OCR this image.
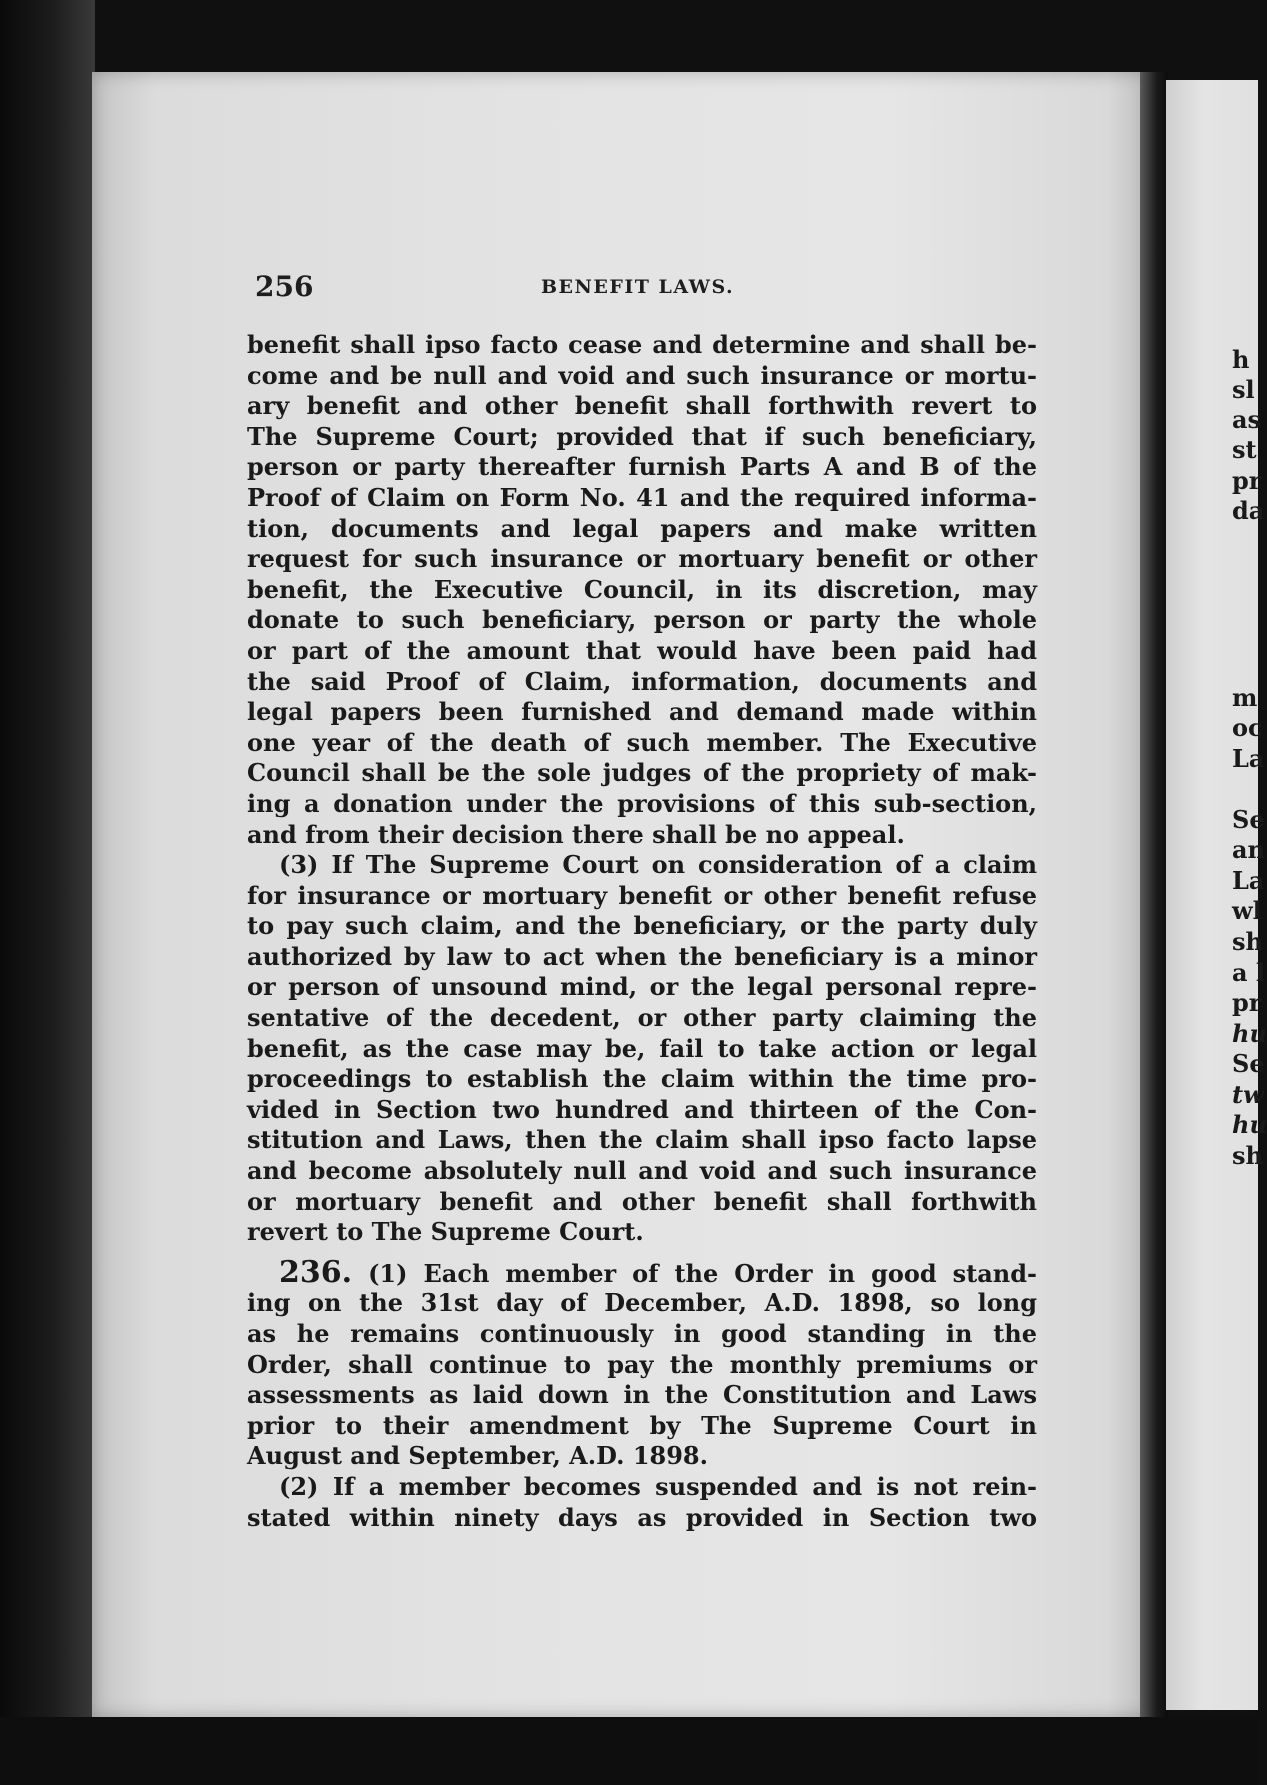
256	BENEFIT LAWS.
benefit shall ipso facto cease and determine and shall be-
come and be null and void and such insurance or mortu-
ary benefit and other benefit shall forthwith revert to
The Supreme Court; provided that if such beneficiary,
person or party thereafter furnish Parts A and B of the
Proof of Claim on Form No. 41 and the required informa-
tion, documents and legal papers and make written
request for such insurance or mortuary benefit or other
benefit, the Executive Council, in its discretion, may
donate to such beneficiary, person or party the whole
or part of the amount that would have been paid had
the said Proof of Claim, information, documents and
legal papers been furnished and demand made within
one year of the death of such member. The Executive
Council shall be the sole judges of the propriety of mak-
ing a donation under the provisions of this sub-section,
and from their decision there shall be no appeal.
(3) If The Supreme Court on consideration of a claim
for insurance or mortuary benefit or other benefit refuse
to pay such claim, and the beneficiary, or the party duly
authorized by law to act when the beneficiary is a minor
or person of unsound mind, or the legal personal repre-
sentative of the decedent, or other party claiming the
benefit, as the case may be, fail to take action or legal
proceedings to establish the claim within the time pro-
vided in Section two hundred and thirteen of the Con-
stitution and Laws, then the claim shall ipso facto lapse
and become absolutely null and void and such insurance
or mortuary benefit and other benefit shall forthwith
revert to The Supreme Court.
236. (1) Each member of the Order in good stand-
ing on the 31st day of December, A.D. 1898, so long
as he remains continuously in good standing in the
Order, shall continue to pay the monthly premiums or
assessments as laid down in the Constitution and Laws
prior to their amendment by The Supreme Court in
August and September, A.D. 1898.
(2) If a member becomes suspended and is not rein-
stated within ninety days as provided in Section two
h
sl
as
st
pr
da
m
oc
La
Se
an
La
wl
sh
a l
pr
hu
Se
tw
hu
sh
